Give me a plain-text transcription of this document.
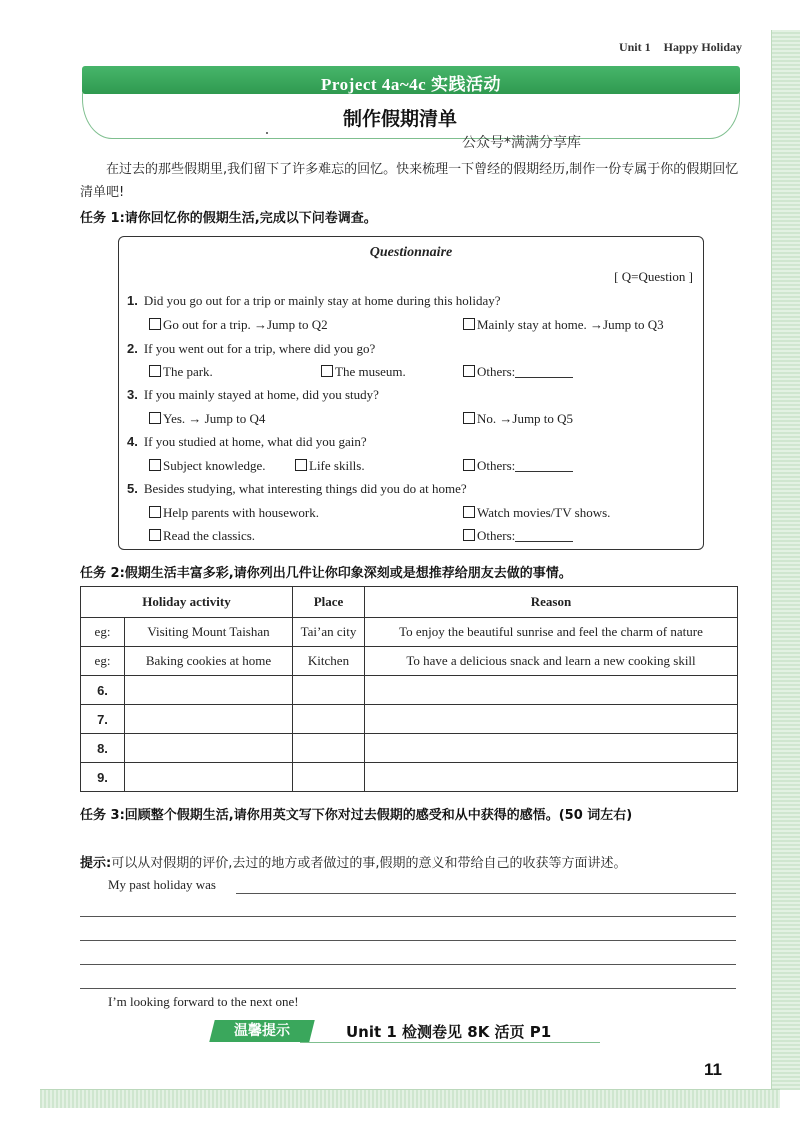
Unit 1 Happy Holiday
Project 4a~4c 实践活动
制作假期清单
公众号*满满分享库
在过去的那些假期里,我们留下了许多难忘的回忆。快来梳理一下曾经的假期经历,制作一份专属于你的假期回忆清单吧!
任务 1:请你回忆你的假期生活,完成以下问卷调查。
Questionnaire
[ Q=Question ]
1. Did you go out for a trip or mainly stay at home during this holiday?
Go out for a trip. →Jump to Q2	Mainly stay at home. →Jump to Q3
2. If you went out for a trip, where did you go?
The park.	The museum.	Others:
3. If you mainly stayed at home, did you study?
Yes. → Jump to Q4	No. →Jump to Q5
4. If you studied at home, what did you gain?
Subject knowledge.	Life skills.	Others:
5. Besides studying, what interesting things did you do at home?
Help parents with housework.	Watch movies/TV shows.
Read the classics.	Others:
任务 2:假期生活丰富多彩,请你列出几件让你印象深刻或是想推荐给朋友去做的事情。
Holiday activity		Place	Reason
eg:	Visiting Mount Taishan	Tai’an city	To enjoy the beautiful sunrise and feel the charm of nature
eg:	Baking cookies at home	Kitchen	To have a delicious snack and learn a new cooking skill
6.			
7.			
8.			
9.			
任务 3:回顾整个假期生活,请你用英文写下你对过去假期的感受和从中获得的感悟。(50 词左右)
提示:可以从对假期的评价,去过的地方或者做过的事,假期的意义和带给自己的收获等方面讲述。
My past holiday was
I’m looking forward to the next one!
温馨提示	Unit 1 检测卷见 8K 活页 P1
11
